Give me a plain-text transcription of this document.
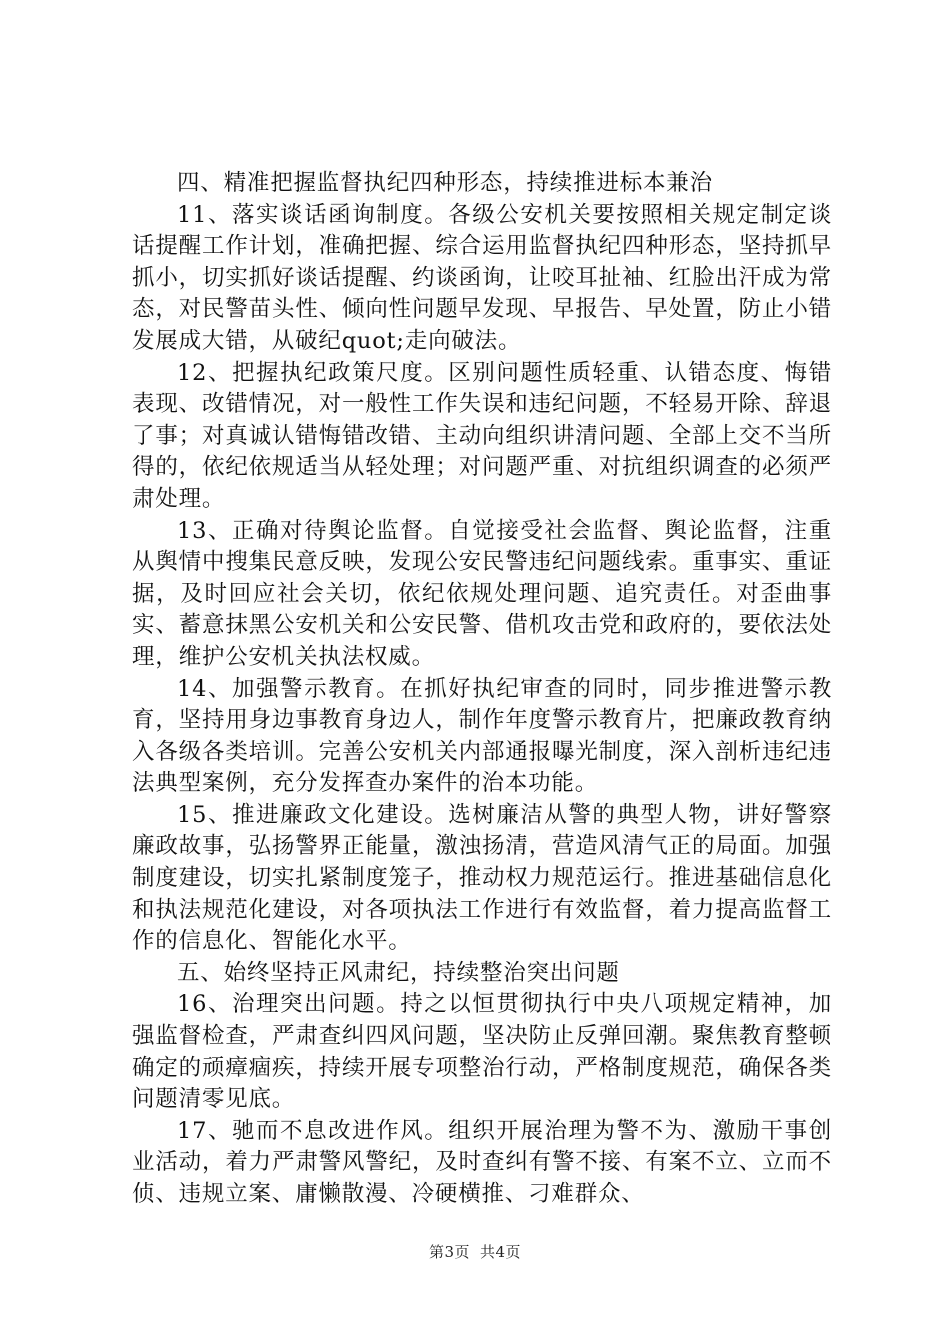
四、精准把握监督执纪四种形态，持续推进标本兼治

11、落实谈话函询制度。各级公安机关要按照相关规定制定谈话提醒工作计划，准确把握、综合运用监督执纪四种形态，坚持抓早抓小，切实抓好谈话提醒、约谈函询，让咬耳扯袖、红脸出汗成为常态，对民警苗头性、倾向性问题早发现、早报告、早处置，防止小错发展成大错，从破纪quot;走向破法。

12、把握执纪政策尺度。区别问题性质轻重、认错态度、悔错表现、改错情况，对一般性工作失误和违纪问题，不轻易开除、辞退了事；对真诚认错悔错改错、主动向组织讲清问题、全部上交不当所得的，依纪依规适当从轻处理；对问题严重、对抗组织调查的必须严肃处理。

13、正确对待舆论监督。自觉接受社会监督、舆论监督，注重从舆情中搜集民意反映，发现公安民警违纪问题线索。重事实、重证据，及时回应社会关切，依纪依规处理问题、追究责任。对歪曲事实、蓄意抹黑公安机关和公安民警、借机攻击党和政府的，要依法处理，维护公安机关执法权威。

14、加强警示教育。在抓好执纪审查的同时，同步推进警示教育，坚持用身边事教育身边人，制作年度警示教育片，把廉政教育纳入各级各类培训。完善公安机关内部通报曝光制度，深入剖析违纪违法典型案例，充分发挥查办案件的治本功能。

15、推进廉政文化建设。选树廉洁从警的典型人物，讲好警察廉政故事，弘扬警界正能量，激浊扬清，营造风清气正的局面。加强制度建设，切实扎紧制度笼子，推动权力规范运行。推进基础信息化和执法规范化建设，对各项执法工作进行有效监督，着力提高监督工作的信息化、智能化水平。

五、始终坚持正风肃纪，持续整治突出问题

16、治理突出问题。持之以恒贯彻执行中央八项规定精神，加强监督检查，严肃查纠四风问题，坚决防止反弹回潮。聚焦教育整顿确定的顽瘴痼疾，持续开展专项整治行动，严格制度规范，确保各类问题清零见底。

17、驰而不息改进作风。组织开展治理为警不为、激励干事创业活动，着力严肃警风警纪，及时查纠有警不接、有案不立、立而不侦、违规立案、庸懒散漫、冷硬横推、刁难群众、

第3页 共4页
